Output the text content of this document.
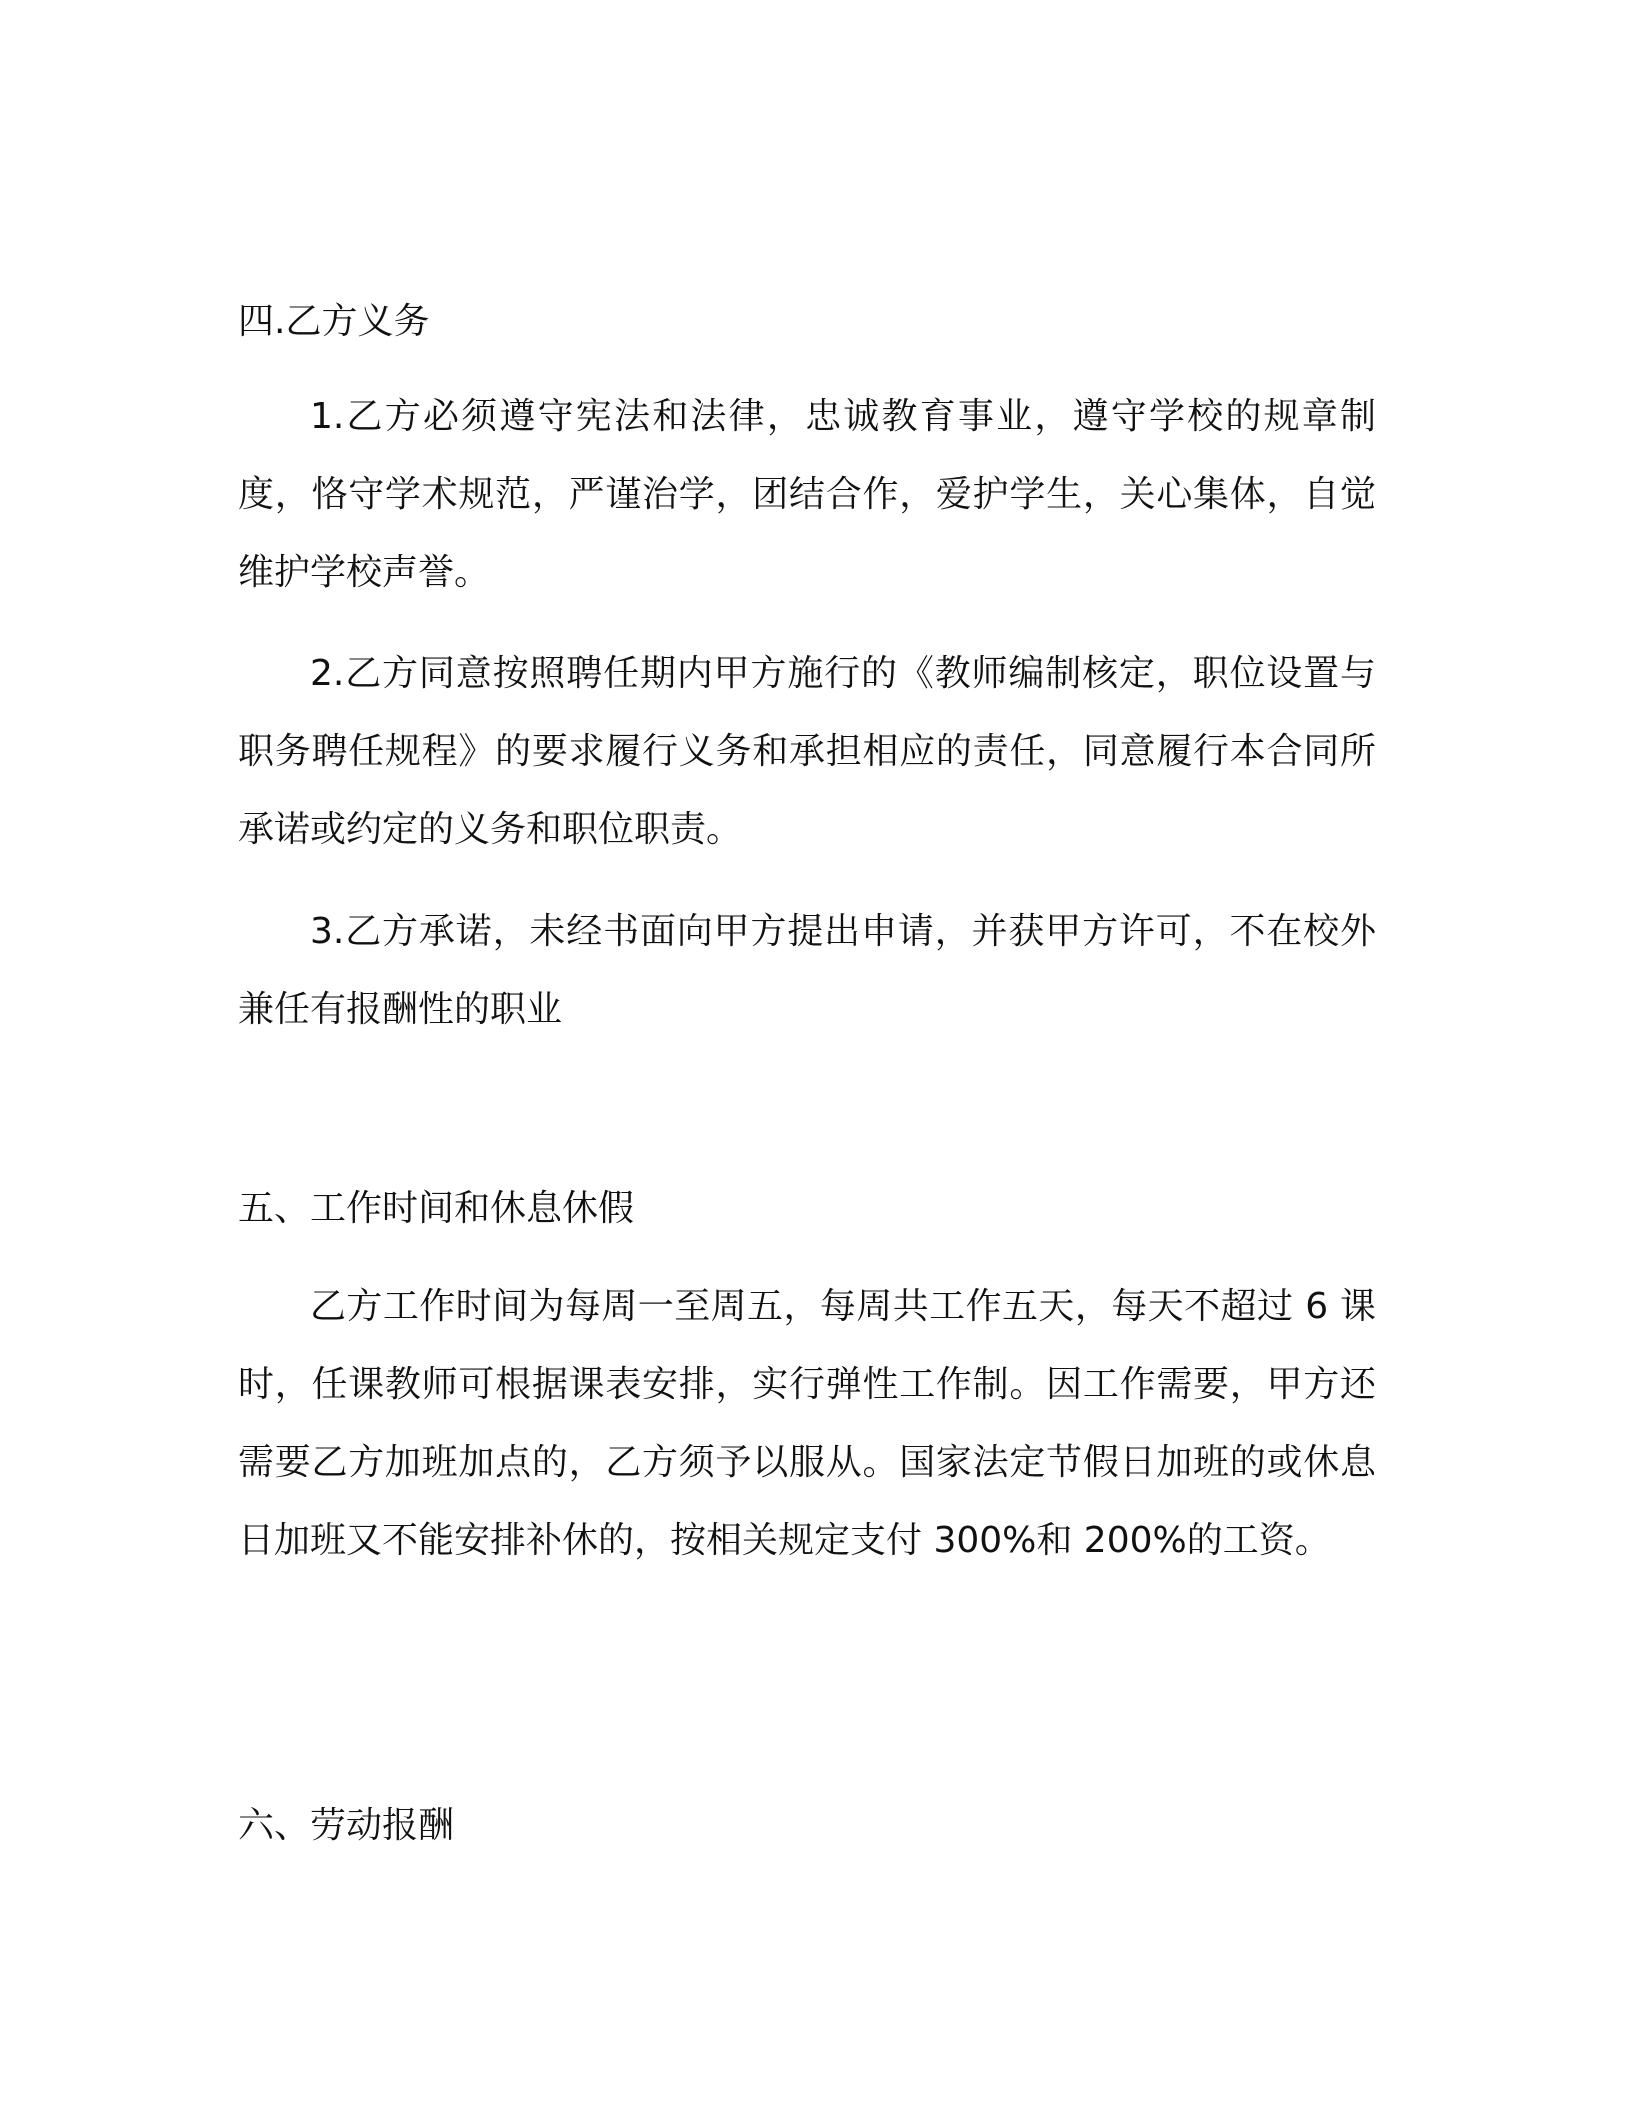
四.乙方义务

1.乙方必须遵守宪法和法律，忠诚教育事业，遵守学校的规章制度，恪守学术规范，严谨治学，团结合作，爱护学生，关心集体，自觉维护学校声誉。

2.乙方同意按照聘任期内甲方施行的《教师编制核定，职位设置与职务聘任规程》的要求履行义务和承担相应的责任，同意履行本合同所承诺或约定的义务和职位职责。

3.乙方承诺，未经书面向甲方提出申请，并获甲方许可，不在校外兼任有报酬性的职业

五、工作时间和休息休假

乙方工作时间为每周一至周五，每周共工作五天，每天不超过 6 课时，任课教师可根据课表安排，实行弹性工作制。因工作需要，甲方还需要乙方加班加点的，乙方须予以服从。国家法定节假日加班的或休息日加班又不能安排补休的，按相关规定支付 300%和 200%的工资。

六、劳动报酬
